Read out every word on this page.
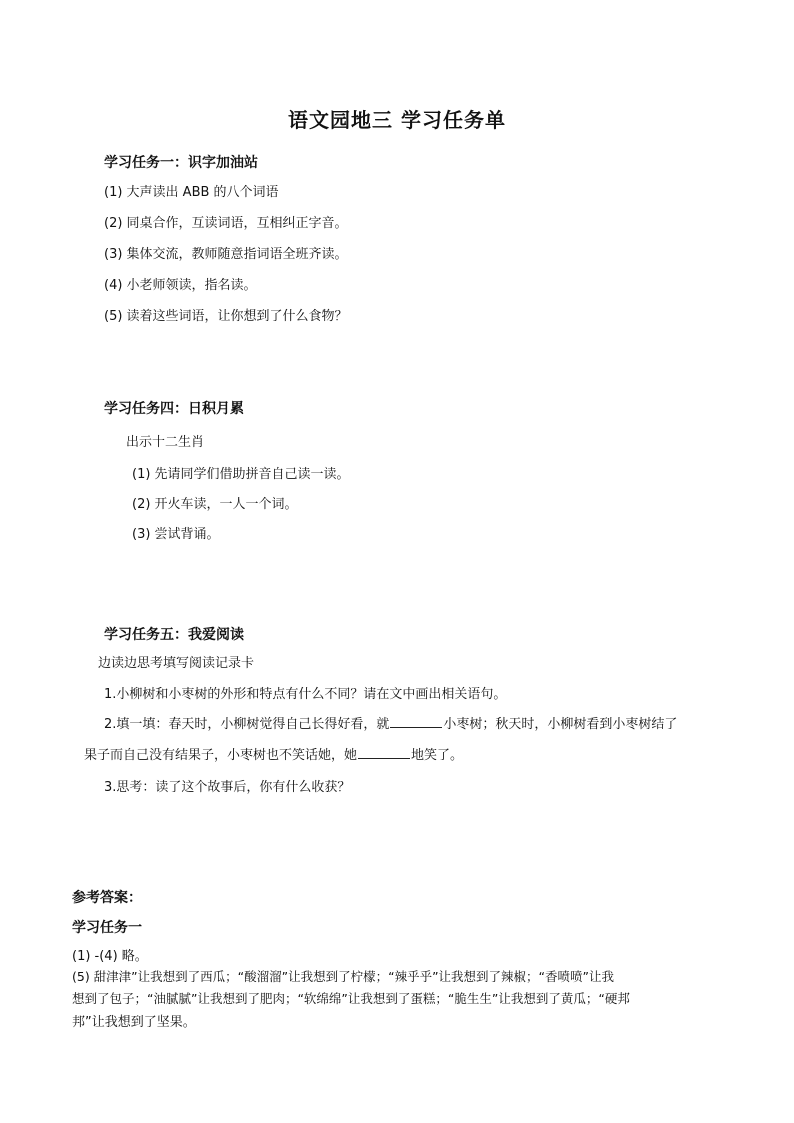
语文园地三 学习任务单
学习任务一：识字加油站
(1) 大声读出 ABB 的八个词语
(2) 同桌合作，互读词语，互相纠正字音。
(3) 集体交流，教师随意指词语全班齐读。
(4) 小老师领读，指名读。
(5) 读着这些词语，让你想到了什么食物？
学习任务四：日积月累
出示十二生肖
(1) 先请同学们借助拼音自己读一读。
(2) 开火车读，一人一个词。
(3) 尝试背诵。
学习任务五：我爱阅读
边读边思考填写阅读记录卡
1.小柳树和小枣树的外形和特点有什么不同？请在文中画出相关语句。
2.填一填：春天时，小柳树觉得自己长得好看，就	小枣树；秋天时，小柳树看到小枣树结了
果子而自己没有结果子，小枣树也不笑话她，她	地笑了。
3.思考：读了这个故事后，你有什么收获？
参考答案：
学习任务一
(1) -(4) 略。
(5) 甜津津”让我想到了西瓜；“酸溜溜”让我想到了柠檬；“辣乎乎”让我想到了辣椒；“香喷喷”让我
想到了包子；“油腻腻”让我想到了肥肉；“软绵绵”让我想到了蛋糕；“脆生生”让我想到了黄瓜；“硬邦
邦”让我想到了坚果。
